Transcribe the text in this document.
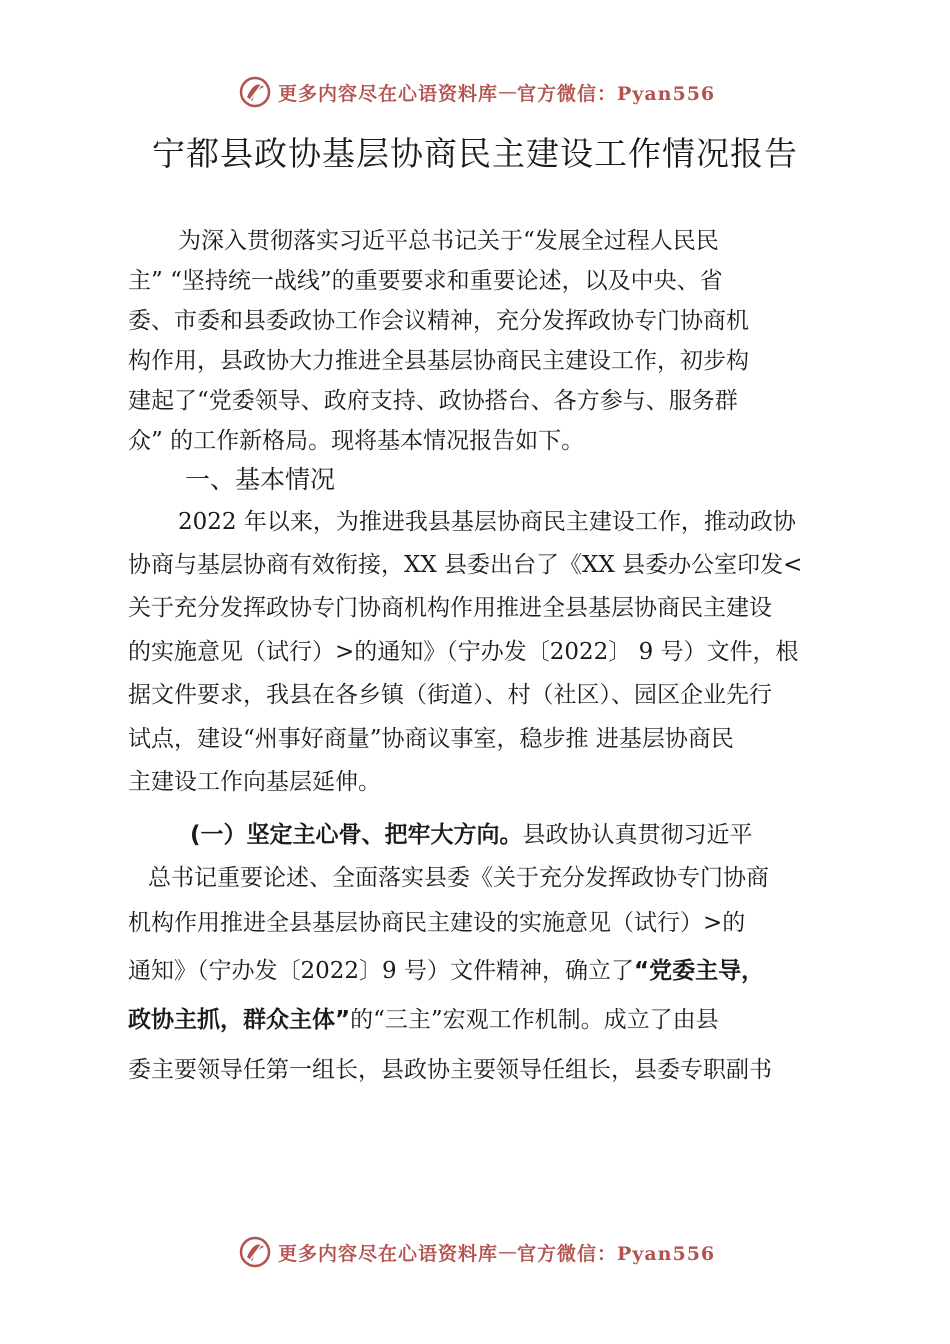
更多内容尽在心语资料库 — 官方微信：Pyan556
宁都县政协基层协商民主建设工作情况报告
为深入贯彻落实习近平总书记关于“发展全过程人民民
主” “坚持统一战线”的重要要求和重要论述，以及中央、省
委、市委和县委政协工作会议精神，充分发挥政协专门协商机
构作用，县政协大力推进全县基层协商民主建设工作，初步构
建起了“党委领导、政府支持、政协搭台、各方参与、服务群
众” 的工作新格局。现将基本情况报告如下。
一、基本情况
2022 年以来，为推进我县基层协商民主建设工作，推动政协
协商与基层协商有效衔接，XX 县委出台了《XX 县委办公室印发<
关于充分发挥政协专门协商机构作用推进全县基层协商民主建设
的实施意见（试行）>的通知》（宁办发〔2022〕 9 号）文件，根
据文件要求，我县在各乡镇（街道）、村（社区）、园区企业先行
试点，建设“州事好商量”协商议事室，稳步推 进基层协商民
主建设工作向基层延伸。
(一）坚定主心骨、把牢大方向。县政协认真贯彻习近平
总书记重要论述、全面落实县委《关于充分发挥政协专门协商
机构作用推进全县基层协商民主建设的实施意见（试行）>的
通知》（宁办发〔2022〕9 号）文件精神，确立了“党委主导，
政协主抓，群众主体”的“三主”宏观工作机制。成立了由县
委主要领导任第一组长，县政协主要领导任组长，县委专职副书
更多内容尽在心语资料库 — 官方微信：Pyan556
